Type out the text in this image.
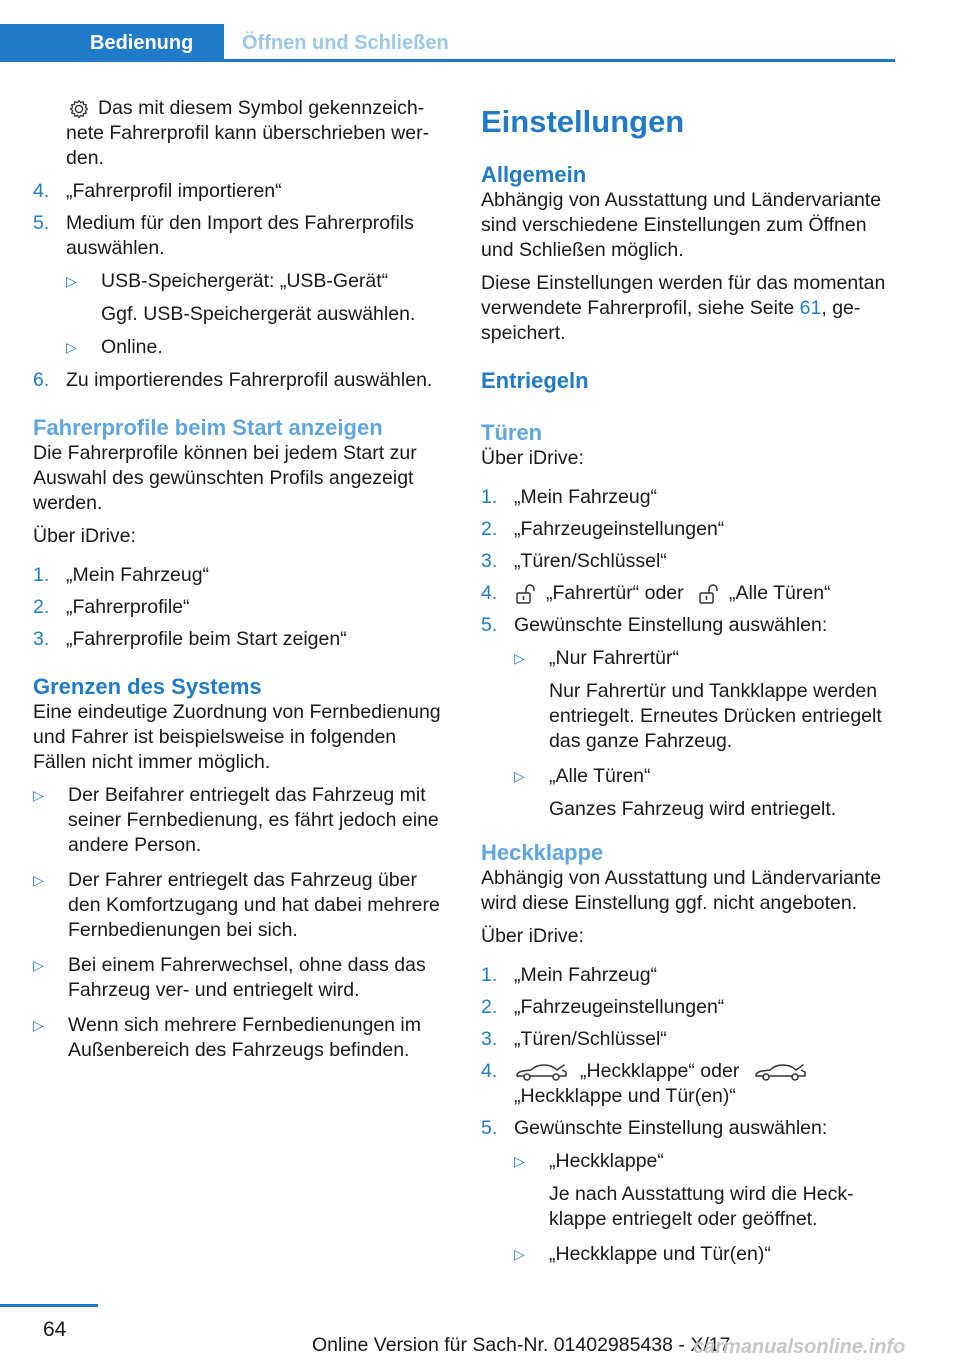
Bedienung Öffnen und Schließen

Das mit diesem Symbol gekennzeichnete Fahrerprofil kann überschrieben werden.

4. „Fahrerprofil importieren“
5. Medium für den Import des Fahrerprofils auswählen.
▷ USB-Speichergerät: „USB-Gerät“
Ggf. USB-Speichergerät auswählen.
▷ Online.
6. Zu importierendes Fahrerprofil auswählen.
Fahrerprofile beim Start anzeigen

Die Fahrerprofile können bei jedem Start zur Auswahl des gewünschten Profils angezeigt werden.

Über iDrive:

1. „Mein Fahrzeug“
2. „Fahrerprofile“
3. „Fahrerprofile beim Start zeigen“
Grenzen des Systems

Eine eindeutige Zuordnung von Fernbedienung und Fahrer ist beispielsweise in folgenden Fällen nicht immer möglich.

▷ Der Beifahrer entriegelt das Fahrzeug mit seiner Fernbedienung, es fährt jedoch eine andere Person.
▷ Der Fahrer entriegelt das Fahrzeug über den Komfortzugang und hat dabei mehrere Fernbedienungen bei sich.
▷ Bei einem Fahrerwechsel, ohne dass das Fahrzeug ver- und entriegelt wird.
▷ Wenn sich mehrere Fernbedienungen im Außenbereich des Fahrzeugs befinden.
Einstellungen
Allgemein

Abhängig von Ausstattung und Ländervariante sind verschiedene Einstellungen zum Öffnen und Schließen möglich.

Diese Einstellungen werden für das momentan verwendete Fahrerprofil, siehe Seite 61, gespeichert.

Entriegeln
Türen

Über iDrive:

1. „Mein Fahrzeug“
2. „Fahrzeugeinstellungen“
3. „Türen/Schlüssel“
4. „Fahrertür“ oder „Alle Türen“
5. Gewünschte Einstellung auswählen:
▷ „Nur Fahrertür“
Nur Fahrertür und Tankklappe werden entriegelt. Erneutes Drücken entriegelt das ganze Fahrzeug.
▷ „Alle Türen“
Ganzes Fahrzeug wird entriegelt.
Heckklappe

Abhängig von Ausstattung und Ländervariante wird diese Einstellung ggf. nicht angeboten.

Über iDrive:

1. „Mein Fahrzeug“
2. „Fahrzeugeinstellungen“
3. „Türen/Schlüssel“
4.	„Heckklappe“ oder
„Heckklappe und Tür(en)“
5. Gewünschte Einstellung auswählen:
▷ „Heckklappe“
Je nach Ausstattung wird die Heckklappe entriegelt oder geöffnet.
▷ „Heckklappe und Tür(en)“
64
Online Version für Sach-Nr. 01402985438 - X/17
carmanualsonline.info
